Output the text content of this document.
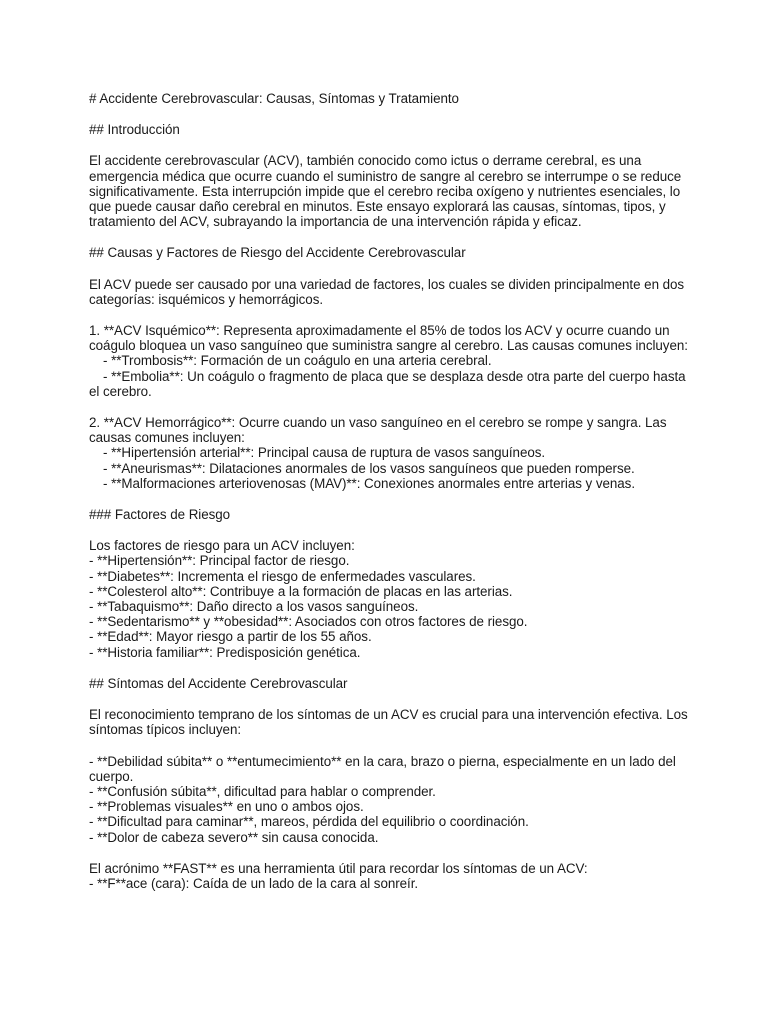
# Accidente Cerebrovascular: Causas, Síntomas y Tratamiento

## Introducción

El accidente cerebrovascular (ACV), también conocido como ictus o derrame cerebral, es una emergencia médica que ocurre cuando el suministro de sangre al cerebro se interrumpe o se reduce significativamente. Esta interrupción impide que el cerebro reciba oxígeno y nutrientes esenciales, lo que puede causar daño cerebral en minutos. Este ensayo explorará las causas, síntomas, tipos, y tratamiento del ACV, subrayando la importancia de una intervención rápida y eficaz.

## Causas y Factores de Riesgo del Accidente Cerebrovascular

El ACV puede ser causado por una variedad de factores, los cuales se dividen principalmente en dos categorías: isquémicos y hemorrágicos.

1. **ACV Isquémico**: Representa aproximadamente el 85% de todos los ACV y ocurre cuando un coágulo bloquea un vaso sanguíneo que suministra sangre al cerebro. Las causas comunes incluyen:

- **Trombosis**: Formación de un coágulo en una arteria cerebral.

- **Embolia**: Un coágulo o fragmento de placa que se desplaza desde otra parte del cuerpo hasta el cerebro.

2. **ACV Hemorrágico**: Ocurre cuando un vaso sanguíneo en el cerebro se rompe y sangra. Las causas comunes incluyen:

- **Hipertensión arterial**: Principal causa de ruptura de vasos sanguíneos.

- **Aneurismas**: Dilataciones anormales de los vasos sanguíneos que pueden romperse.

- **Malformaciones arteriovenosas (MAV)**: Conexiones anormales entre arterias y venas.

### Factores de Riesgo

Los factores de riesgo para un ACV incluyen:

- **Hipertensión**: Principal factor de riesgo.

- **Diabetes**: Incrementa el riesgo de enfermedades vasculares.

- **Colesterol alto**: Contribuye a la formación de placas en las arterias.

- **Tabaquismo**: Daño directo a los vasos sanguíneos.

- **Sedentarismo** y **obesidad**: Asociados con otros factores de riesgo.

- **Edad**: Mayor riesgo a partir de los 55 años.

- **Historia familiar**: Predisposición genética.

## Síntomas del Accidente Cerebrovascular

El reconocimiento temprano de los síntomas de un ACV es crucial para una intervención efectiva. Los síntomas típicos incluyen:

- **Debilidad súbita** o **entumecimiento** en la cara, brazo o pierna, especialmente en un lado del cuerpo.

- **Confusión súbita**, dificultad para hablar o comprender.

- **Problemas visuales** en uno o ambos ojos.

- **Dificultad para caminar**, mareos, pérdida del equilibrio o coordinación.

- **Dolor de cabeza severo** sin causa conocida.

El acrónimo **FAST** es una herramienta útil para recordar los síntomas de un ACV:

- **F**ace (cara): Caída de un lado de la cara al sonreír.
